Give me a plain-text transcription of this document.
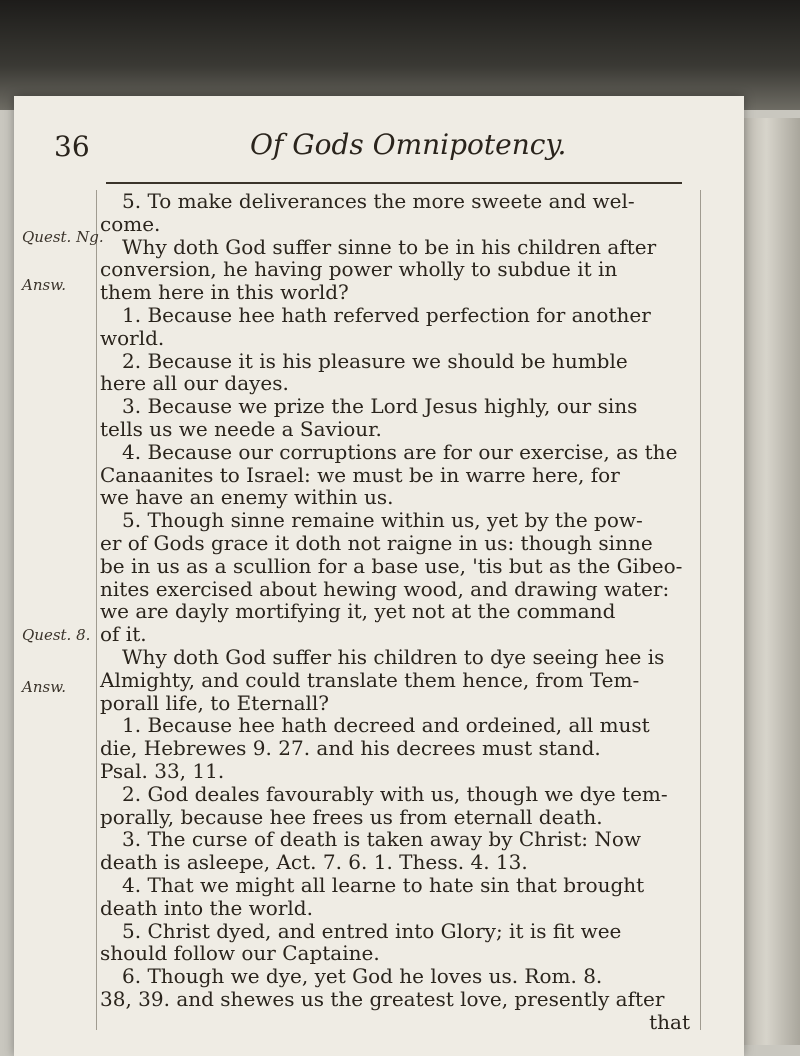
36	Of Gods Omnipotency.
Quest. Ng.
Answ.
Quest. 8.
Answ.
5. To make deliverances the more sweete and wel-
come.
Why doth God suffer sinne to be in his children after
conversion, he having power wholly to subdue it in
them here in this world?
1. Because hee hath referved perfection for another
world.
2. Because it is his pleasure we should be humble
here all our dayes.
3. Because we prize the Lord Jesus highly, our sins
tells us we neede a Saviour.
4. Because our corruptions are for our exercise, as the
Canaanites to Israel: we must be in warre here, for
we have an enemy within us.
5. Though sinne remaine within us, yet by the pow-
er of Gods grace it doth not raigne in us: though sinne
be in us as a scullion for a base use, 'tis but as the Gibeo-
nites exercised about hewing wood, and drawing water:
we are dayly mortifying it, yet not at the command
of it.
Why doth God suffer his children to dye seeing hee is
Almighty, and could translate them hence, from Tem-
porall life, to Eternall?
1. Because hee hath decreed and ordeined, all must
die, Hebrewes 9. 27. and his decrees must stand.
Psal. 33, 11.
2. God deales favourably with us, though we dye tem-
porally, because hee frees us from eternall death.
3. The curse of death is taken away by Christ: Now
death is asleepe, Act. 7. 6. 1. Thess. 4. 13.
4. That we might all learne to hate sin that brought
death into the world.
5. Christ dyed, and entred into Glory; it is fit wee
should follow our Captaine.
6. Though we dye, yet God he loves us. Rom. 8.
38, 39. and shewes us the greatest love, presently after
that
